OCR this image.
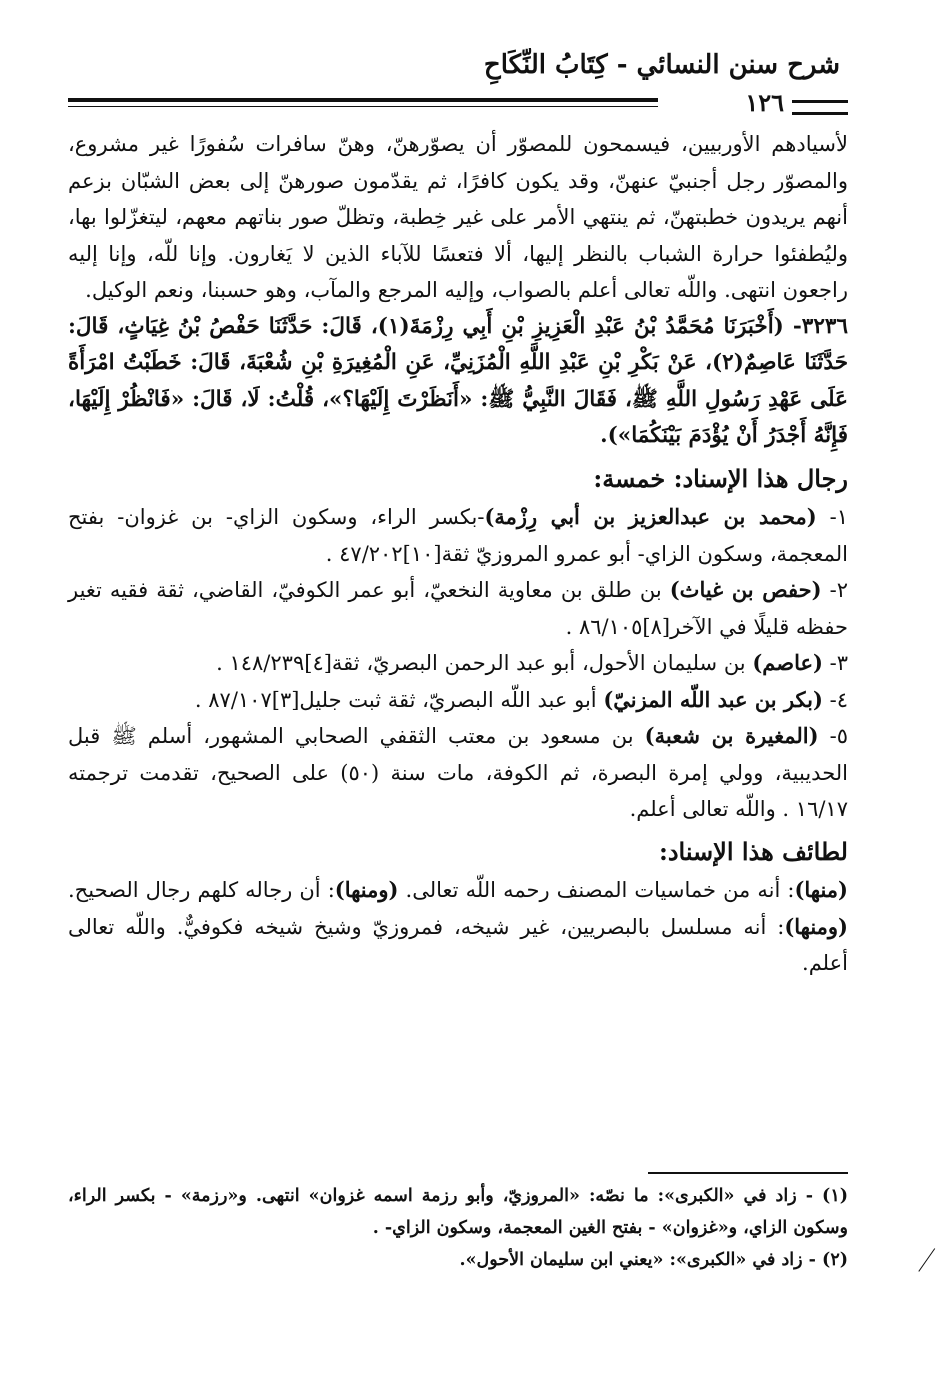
شرح سنن النسائي - كِتَابُ النِّكَاحِ
١٢٦

لأسيادهم الأوربيين، فيسمحون للمصوّر أن يصوّرهنّ، وهنّ سافرات سُفورًا غير مشروع، والمصوّر رجل أجنبيّ عنهنّ، وقد يكون كافرًا، ثم يقدّمون صورهنّ إلى بعض الشبّان بزعم أنهم يريدون خطبتهنّ، ثم ينتهي الأمر على غير خِطبة، وتظلّ صور بناتهم معهم، ليتغزّلوا بها، وليُطفئوا حرارة الشباب بالنظر إليها، ألا فتعسًا للآباء الذين لا يَغارون. وإنا للّه، وإنا إليه راجعون انتهى. واللّه تعالى أعلم بالصواب، وإليه المرجع والمآب، وهو حسبنا، ونعم الوكيل.

٣٢٣٦- (أَخْبَرَنَا مُحَمَّدُ بْنُ عَبْدِ الْعَزِيزِ بْنِ أَبِي رِزْمَةَ(١)، قَالَ: حَدَّثَنَا حَفْصُ بْنُ غِيَاثٍ، قَالَ: حَدَّثَنَا عَاصِمٌ(٢)، عَنْ بَكْرِ بْنِ عَبْدِ اللَّهِ الْمُزَنِيِّ، عَنِ الْمُغِيرَةِ بْنِ شُعْبَةَ، قَالَ: خَطَبْتُ امْرَأَةً عَلَى عَهْدِ رَسُولِ اللَّهِ ﷺ، فَقَالَ النَّبِيُّ ﷺ: «أَنَظَرْتَ إِلَيْهَا؟»، قُلْتُ: لَا، قَالَ: «فَانْظُرْ إِلَيْهَا، فَإِنَّهُ أَجْدَرُ أَنْ يُؤْدَمَ بَيْنَكُمَا»).

رجال هذا الإسناد: خمسة:

١- (محمد بن عبدالعزيز بن أبي رِزْمة)-بكسر الراء، وسكون الزاي- بن غزوان- بفتح المعجمة، وسكون الزاي- أبو عمرو المروزيّ ثقة[١٠]٤٧/٢٠٢ .

٢- (حفص بن غياث) بن طلق بن معاوية النخعيّ، أبو عمر الكوفيّ، القاضي، ثقة فقيه تغير حفظه قليلًا في الآخر[٨]٨٦/١٠٥ .

٣- (عاصم) بن سليمان الأحول، أبو عبد الرحمن البصريّ، ثقة[٤]١٤٨/٢٣٩ .

٤- (بكر بن عبد اللّه المزنيّ) أبو عبد اللّه البصريّ، ثقة ثبت جليل[٣]٨٧/١٠٧ .

٥- (المغيرة بن شعبة) بن مسعود بن معتب الثقفي الصحابي المشهور، أسلم ﷺ قبل الحديبية، وولي إمرة البصرة، ثم الكوفة، مات سنة (٥٠) على الصحيح، تقدمت ترجمته ١٦/١٧ . واللّه تعالى أعلم.

لطائف هذا الإسناد:

(منها): أنه من خماسيات المصنف رحمه اللّه تعالى. (ومنها): أن رجاله كلهم رجال الصحيح. (ومنها): أنه مسلسل بالبصريين، غير شيخه، فمروزيّ وشيخ شيخه فكوفيٌّ. واللّه تعالى أعلم.

(١) - زاد في «الكبرى»: ما نصّه: «المروزيّ، وأبو رزمة اسمه غزوان» انتهى. و«رزمة» - بكسر الراء، وسكون الزاي، و«غزوان» - بفتح الغين المعجمة، وسكون الزاي- .

(٢) - زاد في «الكبرى»: «يعني ابن سليمان الأحول».
